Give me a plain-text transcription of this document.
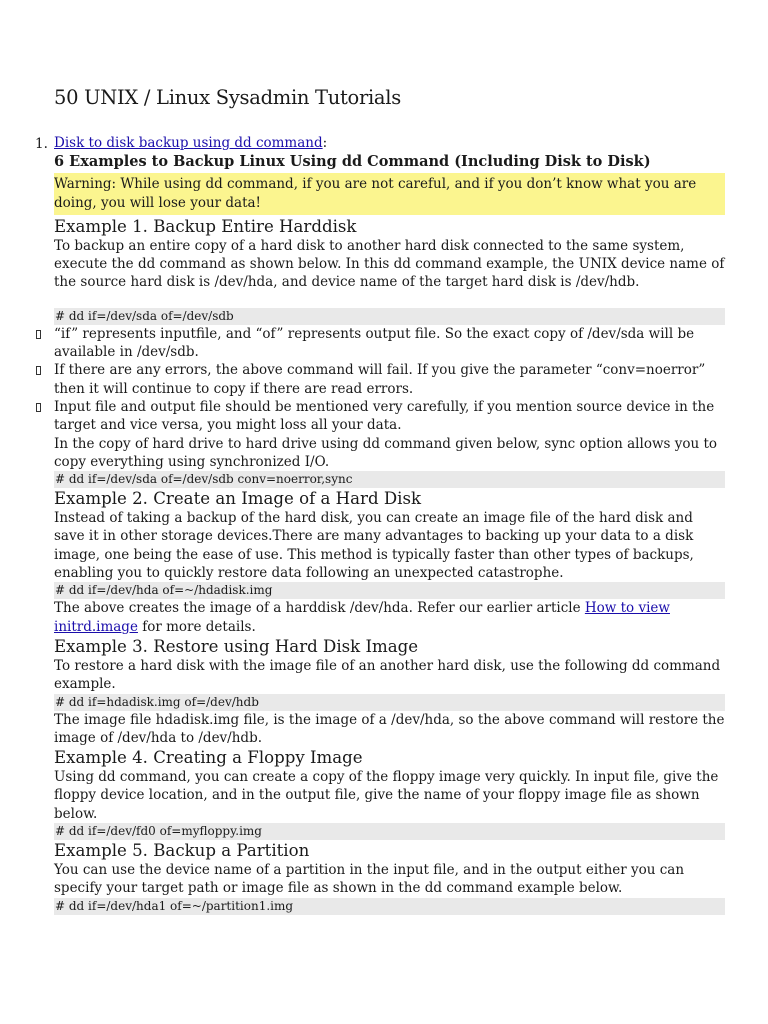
50 UNIX / Linux Sysadmin Tutorials
1. Disk to disk backup using dd command:

6 Examples to Backup Linux Using dd Command (Including Disk to Disk)

Warning: While using dd command, if you are not careful, and if you don’t know what you are doing, you will lose your data!
Example 1. Backup Entire Harddisk

To backup an entire copy of a hard disk to another hard disk connected to the same system, execute the dd command as shown below. In this dd command example, the UNIX device name of the source hard disk is /dev/hda, and device name of the target hard disk is /dev/hdb.

# dd if=/dev/sda of=/dev/sdb

“if” represents inputfile, and “of” represents output file. So the exact copy of /dev/sda will be available in /dev/sdb.

If there are any errors, the above command will fail. If you give the parameter “conv=noerror” then it will continue to copy if there are read errors.

Input file and output file should be mentioned very carefully, if you mention source device in the target and vice versa, you might loss all your data.

In the copy of hard drive to hard drive using dd command given below, sync option allows you to copy everything using synchronized I/O.

# dd if=/dev/sda of=/dev/sdb conv=noerror,sync
Example 2. Create an Image of a Hard Disk

Instead of taking a backup of the hard disk, you can create an image file of the hard disk and save it in other storage devices.There are many advantages to backing up your data to a disk image, one being the ease of use. This method is typically faster than other types of backups, enabling you to quickly restore data following an unexpected catastrophe.

# dd if=/dev/hda of=~/hdadisk.img

The above creates the image of a harddisk /dev/hda. Refer our earlier article How to view initrd.image for more details.

Example 3. Restore using Hard Disk Image

To restore a hard disk with the image file of an another hard disk, use the following dd command example.

# dd if=hdadisk.img of=/dev/hdb

The image file hdadisk.img file, is the image of a /dev/hda, so the above command will restore the image of /dev/hda to /dev/hdb.

Example 4. Creating a Floppy Image

Using dd command, you can create a copy of the floppy image very quickly. In input file, give the floppy device location, and in the output file, give the name of your floppy image file as shown below.

# dd if=/dev/fd0 of=myfloppy.img
Example 5. Backup a Partition

You can use the device name of a partition in the input file, and in the output either you can specify your target path or image file as shown in the dd command example below.

# dd if=/dev/hda1 of=~/partition1.img
